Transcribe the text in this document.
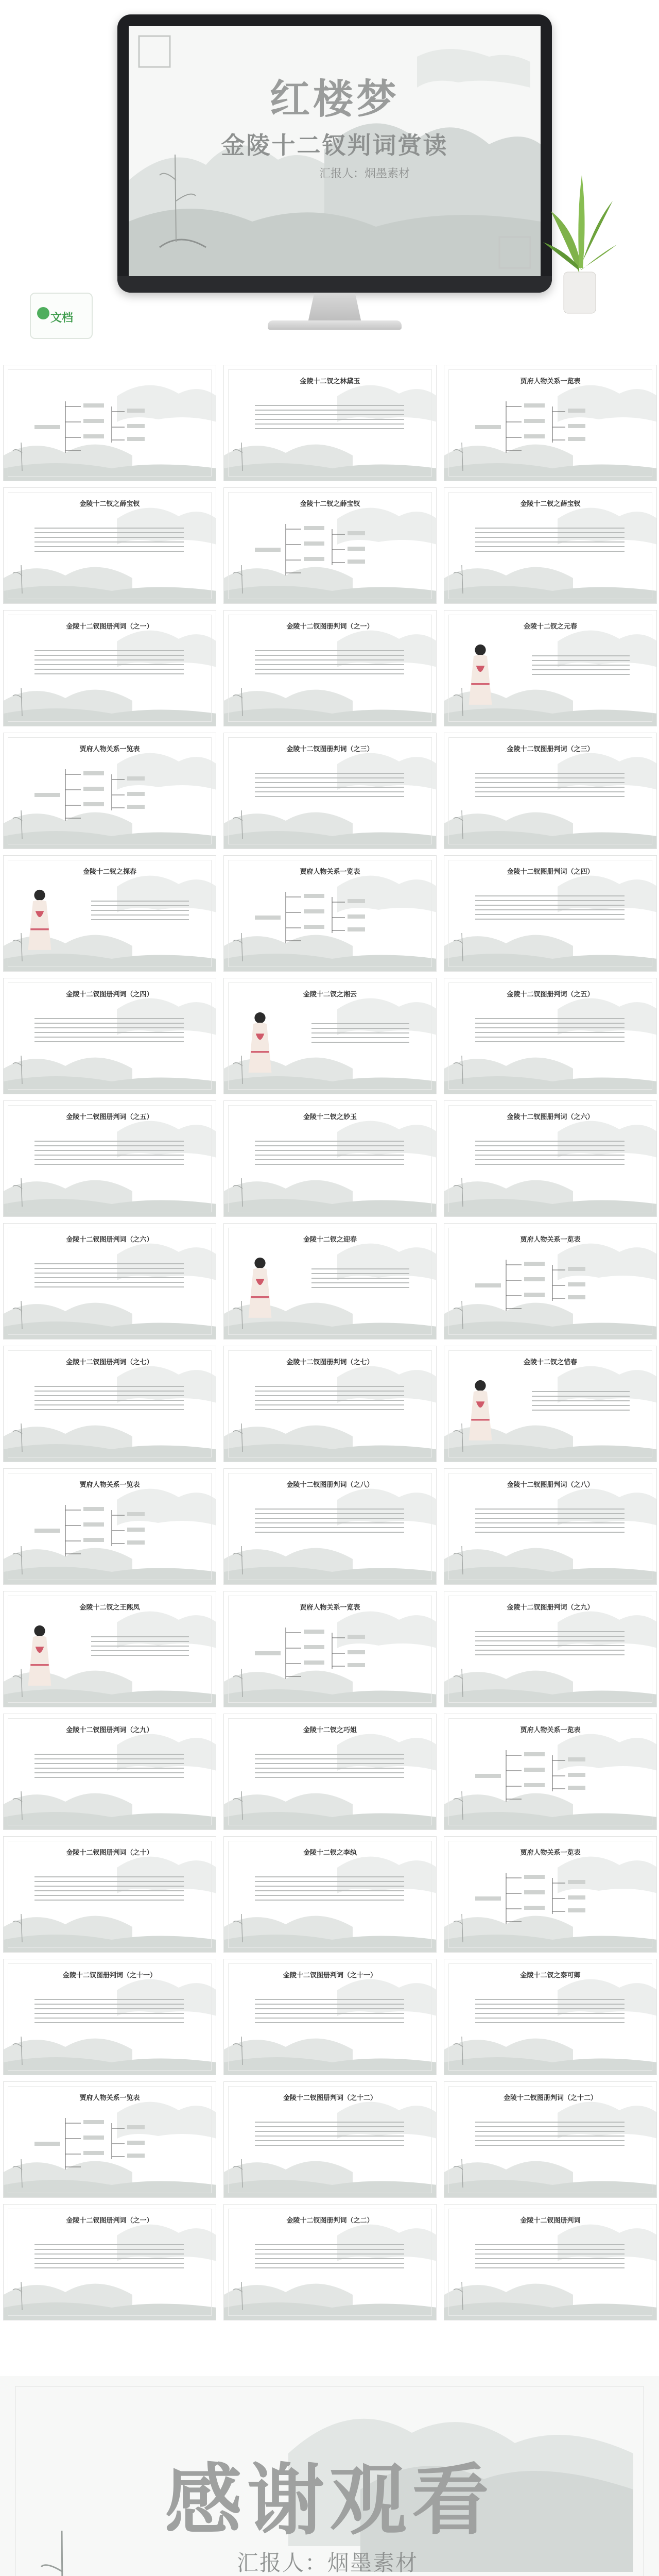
红楼梦
金陵十二钗判词赏读
汇报人：烟墨素材
文档
金陵十二钗之林黛玉	贾府人物关系一览表
金陵十二钗之薛宝钗	金陵十二钗之薛宝钗	金陵十二钗之薛宝钗
金陵十二钗图册判词（之一）	金陵十二钗图册判词（之一）	金陵十二钗之元春
贾府人物关系一览表	金陵十二钗图册判词（之三）	金陵十二钗图册判词（之三）
金陵十二钗之探春	贾府人物关系一览表	金陵十二钗图册判词（之四）
金陵十二钗图册判词（之四）	金陵十二钗之湘云	金陵十二钗图册判词（之五）
金陵十二钗图册判词（之五）	金陵十二钗之妙玉	金陵十二钗图册判词（之六）
金陵十二钗图册判词（之六）	金陵十二钗之迎春	贾府人物关系一览表
金陵十二钗图册判词（之七）	金陵十二钗图册判词（之七）	金陵十二钗之惜春
贾府人物关系一览表	金陵十二钗图册判词（之八）	金陵十二钗图册判词（之八）
金陵十二钗之王熙凤	贾府人物关系一览表	金陵十二钗图册判词（之九）
金陵十二钗图册判词（之九）	金陵十二钗之巧姐	贾府人物关系一览表
金陵十二钗图册判词（之十）	金陵十二钗之李纨	贾府人物关系一览表
金陵十二钗图册判词（之十一）	金陵十二钗图册判词（之十一）	金陵十二钗之秦可卿
贾府人物关系一览表	金陵十二钗图册判词（之十二）	金陵十二钗图册判词（之十二）
金陵十二钗图册判词（之一）	金陵十二钗图册判词（之二）	金陵十二钗图册判词
感谢观看
汇报人：烟墨素材
